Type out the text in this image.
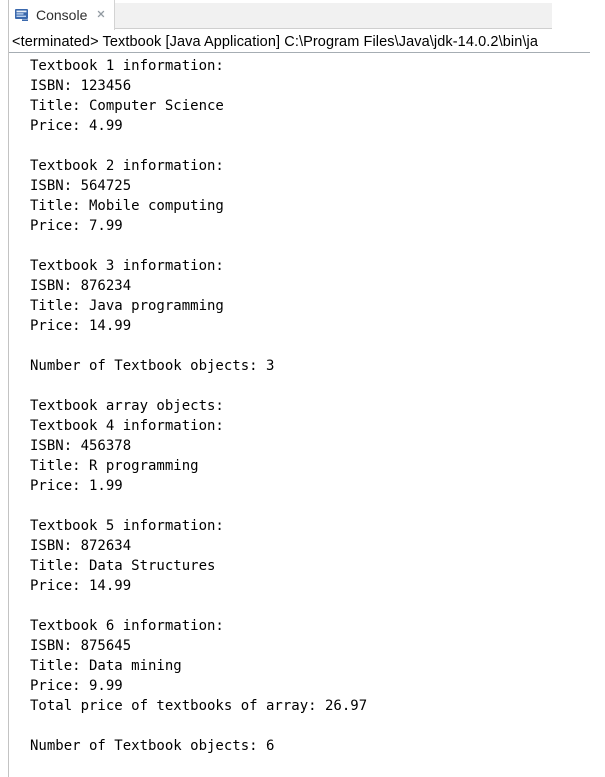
Console ✕
<terminated> Textbook [Java Application] C:\Program Files\Java\jdk-14.0.2\bin\ja
Textbook 1 information:
ISBN: 123456
Title: Computer Science
Price: 4.99

Textbook 2 information:
ISBN: 564725
Title: Mobile computing
Price: 7.99

Textbook 3 information:
ISBN: 876234
Title: Java programming
Price: 14.99

Number of Textbook objects: 3

Textbook array objects:
Textbook 4 information:
ISBN: 456378
Title: R programming
Price: 1.99

Textbook 5 information:
ISBN: 872634
Title: Data Structures
Price: 14.99

Textbook 6 information:
ISBN: 875645
Title: Data mining
Price: 9.99
Total price of textbooks of array: 26.97

Number of Textbook objects: 6
